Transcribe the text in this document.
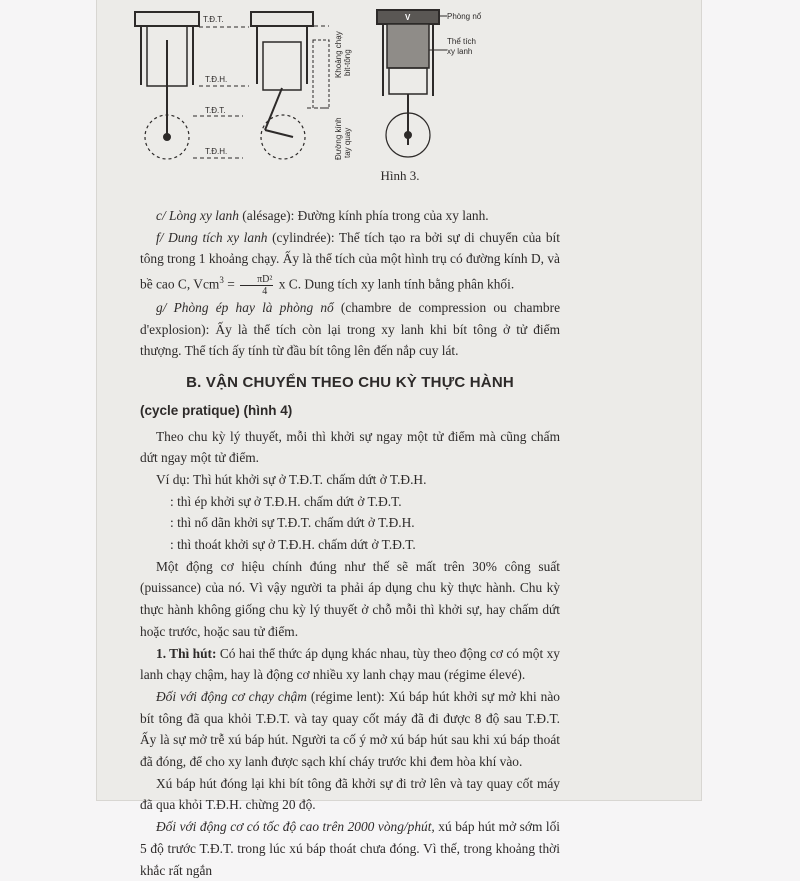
T.Đ.T.
T.Đ.H.
T.Đ.T.
T.Đ.H.
Phòng nổ
Thể tích
xy lanh
V
Khoảng chạy bit-tông
Đường kính tay quay
Hình 3.

c/ Lòng xy lanh (alésage): Đường kính phía trong của xy lanh.

f/ Dung tích xy lanh (cylindrée): Thể tích tạo ra bởi sự di chuyển của bít tông trong 1 khoảng chạy. Ấy là thể tích của một hình trụ có đường kính D, và bề cao C, $Vcm^3 = \frac{\text{πD²}}{4}$ x C. Dung tích xy lanh tính bằng phân khối.

g/ Phòng ép hay là phòng nổ (chambre de compression ou chambre d'explosion): Ấy là thể tích còn lại trong xy lanh khi bít tông ở tử điểm thượng. Thể tích ấy tính từ đầu bít tông lên đến nắp cuy lát.

B. VẬN CHUYỂN THEO CHU KỲ THỰC HÀNH

(cycle pratique) (hình 4)

Theo chu kỳ lý thuyết, mỗi thì khởi sự ngay một tử điểm mà cũng chấm dứt ngay một tử điểm.

Ví dụ: Thì hút khởi sự ở T.Đ.T. chấm dứt ở T.Đ.H.

: thì ép khởi sự ở T.Đ.H. chấm dứt ở T.Đ.T.

: thì nổ dãn khởi sự T.Đ.T. chấm dứt ở T.Đ.H.

: thì thoát khởi sự ở T.Đ.H. chấm dứt ở T.Đ.T.

Một động cơ hiệu chính đúng như thế sẽ mất trên 30% công suất (puissance) của nó. Vì vậy người ta phải áp dụng chu kỳ thực hành. Chu kỳ thực hành không giống chu kỳ lý thuyết ở chỗ mỗi thì khởi sự, hay chấm dứt hoặc trước, hoặc sau tử điểm.

1. Thì hút: Có hai thể thức áp dụng khác nhau, tùy theo động cơ có một xy lanh chạy chậm, hay là động cơ nhiều xy lanh chạy mau (régime élevé).

Đối với động cơ chạy chậm (régime lent): Xú báp hút khởi sự mở khi nào bít tông đã qua khỏi T.Đ.T. và tay quay cốt máy đã đi được 8 độ sau T.Đ.T. Ấy là sự mở trễ xú báp hút. Người ta cố ý mở xú báp hút sau khi xú báp thoát đã đóng, để cho xy lanh được sạch khí cháy trước khi đem hòa khí vào.

Xú báp hút đóng lại khi bít tông đã khởi sự đi trở lên và tay quay cốt máy đã qua khỏi T.Đ.H. chừng 20 độ.

Đối với động cơ có tốc độ cao trên 2000 vòng/phút, xú báp hút mở sớm lối 5 độ trước T.Đ.T. trong lúc xú báp thoát chưa đóng. Vì thế, trong khoảng thời khắc rất ngắn
